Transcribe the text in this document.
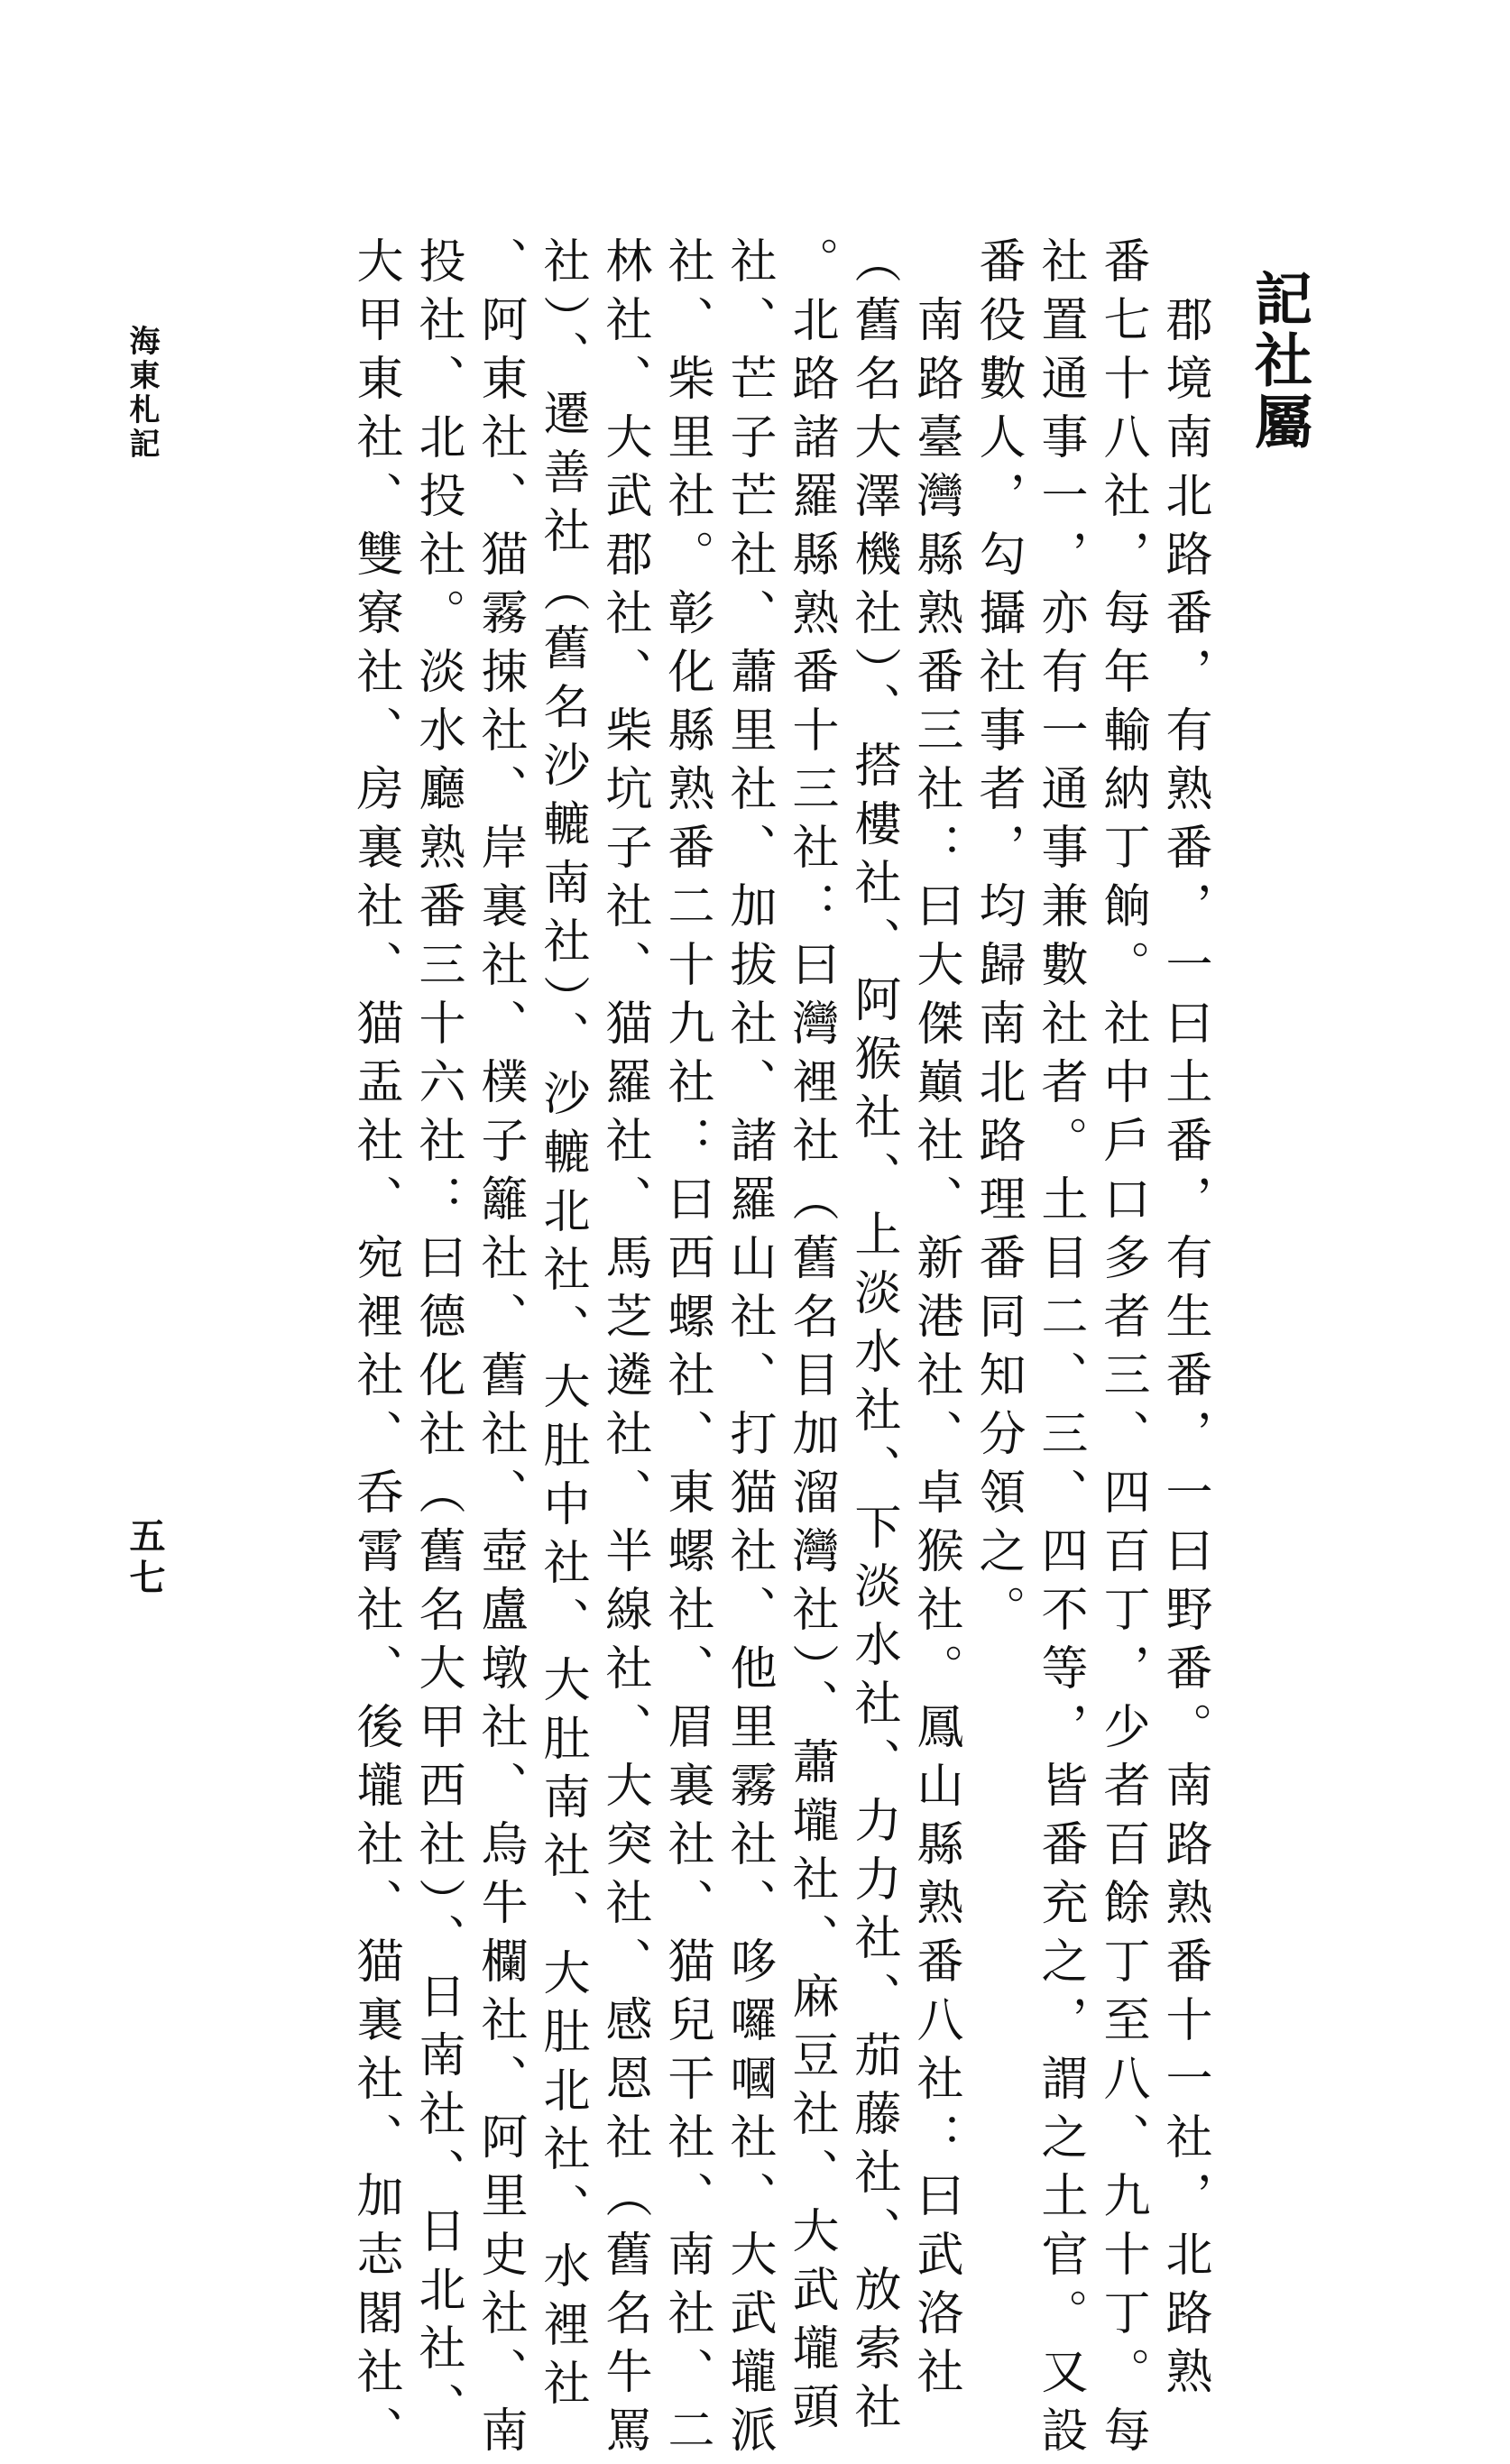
記社屬

　郡境南北路番，有熟番，一曰土番，有生番，一曰野番。南路熟番十一社，北路熟

番七十八社，每年輸納丁餉。社中戶口多者三、四百丁，少者百餘丁至八、九十丁。每

社置通事一，亦有一通事兼數社者。土目二、三、四不等，皆番充之，謂之土官。又設

番役數人，勾攝社事者，均歸南北路理番同知分領之。

　南路臺灣縣熟番三社：曰大傑巔社、新港社、卓猴社。鳳山縣熟番八社：曰武洛社

（舊名大澤機社）、搭樓社、阿猴社、上淡水社、下淡水社、力力社、茄藤社、放索社

。北路諸羅縣熟番十三社：曰灣裡社（舊名目加溜灣社）、蕭壠社、麻豆社、大武壠頭

社、芒子芒社、蕭里社、加拔社、諸羅山社、打猫社、他里霧社、哆囉嘓社、大武壠派

社、柴里社。彰化縣熟番二十九社：曰西螺社、東螺社、眉裏社、猫兒干社、南社、二

林社、大武郡社、柴坑子社、猫羅社、馬芝遴社、半線社、大突社、感恩社（舊名牛罵

社）、遷善社（舊名沙轆南社）、沙轆北社、大肚中社、大肚南社、大肚北社、水裡社

、阿東社、猫霧捒社、岸裏社、樸子籬社、舊社、壺盧墩社、烏牛欄社、阿里史社、南

投社、北投社。淡水廳熟番三十六社：曰德化社（舊名大甲西社）、日南社、日北社、

大甲東社、雙寮社、房裏社、猫盂社、宛裡社、呑霄社、後壠社、猫裏社、加志閣社、

海東札記
五七
